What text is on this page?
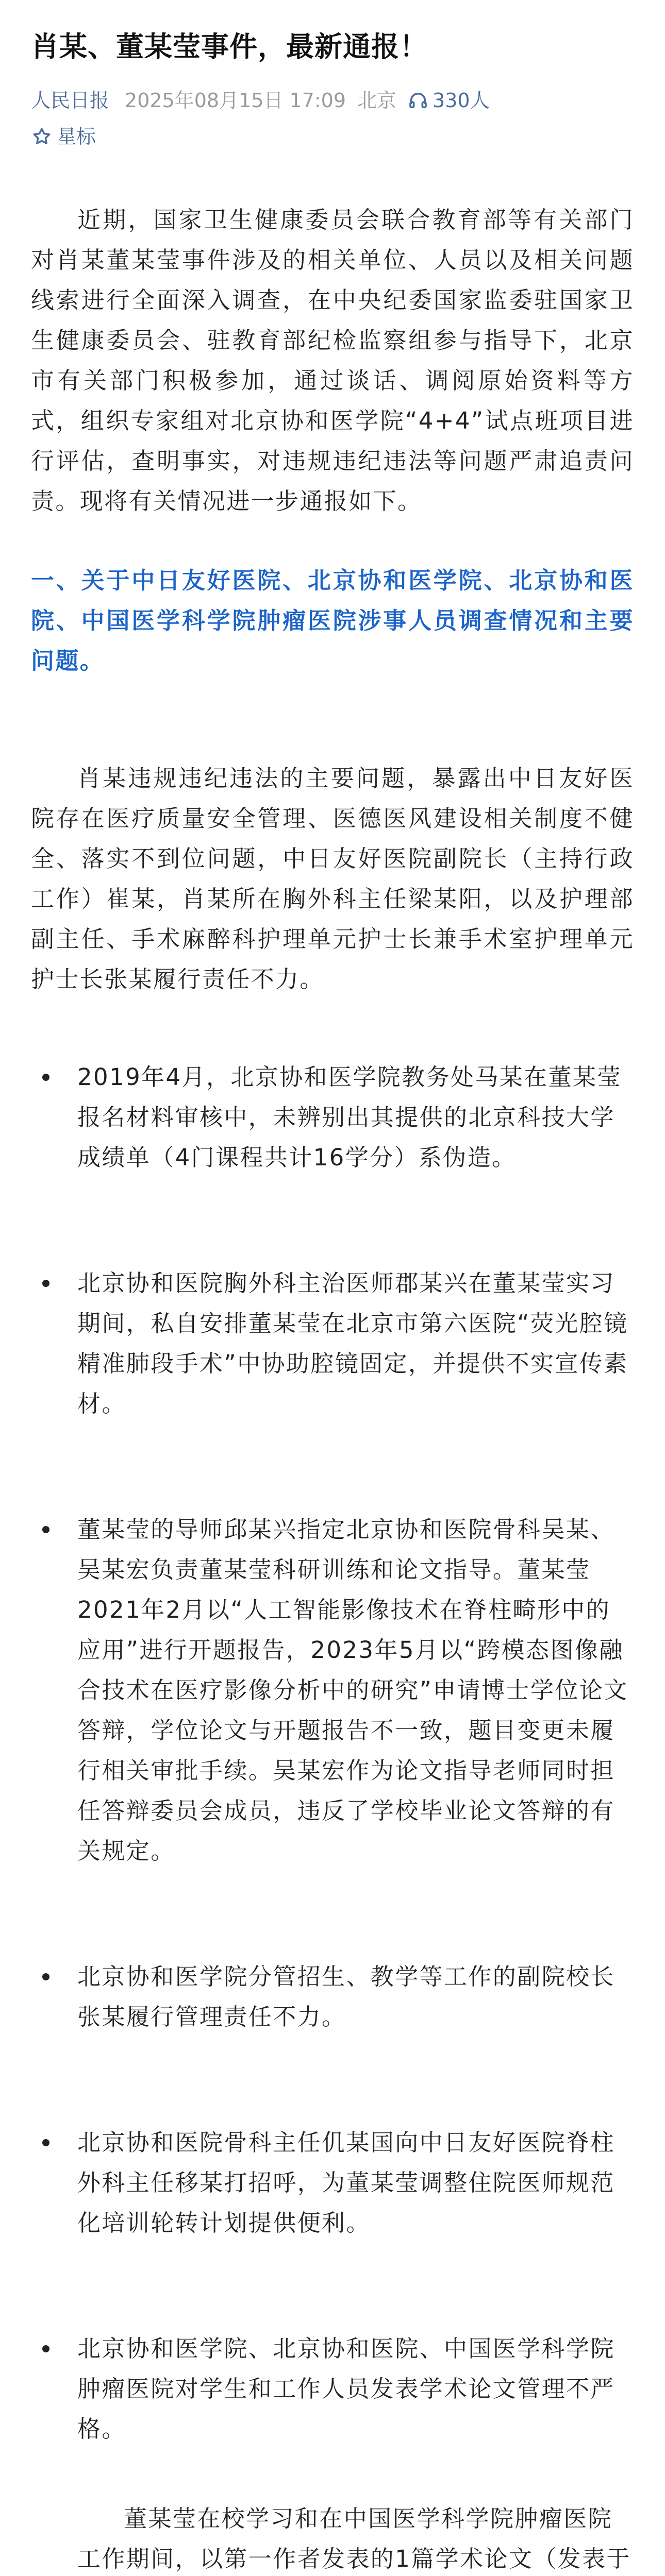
肖某、董某莹事件，最新通报！
人民日报 2025年08月15日 17:09 北京 330人
星标

近期，国家卫生健康委员会联合教育部等有关部门对肖某董某莹事件涉及的相关单位、人员以及相关问题线索进行全面深入调查，在中央纪委国家监委驻国家卫生健康委员会、驻教育部纪检监察组参与指导下，北京市有关部门积极参加，通过谈话、调阅原始资料等方式，组织专家组对北京协和医学院“4+4”试点班项目进行评估，查明事实，对违规违纪违法等问题严肃追责问责。现将有关情况进一步通报如下。

一、关于中日友好医院、北京协和医学院、北京协和医院、中国医学科学院肿瘤医院涉事人员调查情况和主要问题。

肖某违规违纪违法的主要问题，暴露出中日友好医院存在医疗质量安全管理、医德医风建设相关制度不健全、落实不到位问题，中日友好医院副院长（主持行政工作）崔某，肖某所在胸外科主任梁某阳，以及护理部副主任、手术麻醉科护理单元护士长兼手术室护理单元护士长张某履行责任不力。

2019年4月，北京协和医学院教务处马某在董某莹报名材料审核中，未辨别出其提供的北京科技大学成绩单（4门课程共计16学分）系伪造。
北京协和医院胸外科主治医师郡某兴在董某莹实习期间，私自安排董某莹在北京市第六医院“荧光腔镜精准肺段手术”中协助腔镜固定，并提供不实宣传素材。
董某莹的导师邱某兴指定北京协和医院骨科吴某、吴某宏负责董某莹科研训练和论文指导。董某莹2021年2月以“人工智能影像技术在脊柱畸形中的应用”进行开题报告，2023年5月以“跨模态图像融合技术在医疗影像分析中的研究”申请博士学位论文答辩，学位论文与开题报告不一致，题目变更未履行相关审批手续。吴某宏作为论文指导老师同时担任答辩委员会成员，违反了学校毕业论文答辩的有关规定。
北京协和医学院分管招生、教学等工作的副院校长张某履行管理责任不力。
北京协和医院骨科主任仉某国向中日友好医院脊柱外科主任移某打招呼，为董某莹调整住院医师规范化培训轮转计划提供便利。
北京协和医学院、北京协和医院、中国医学科学院肿瘤医院对学生和工作人员发表学术论文管理不严格。
董某莹在校学习和在中国医学科学院肿瘤医院工作期间，以第一作者发表的1篇学术论文（发表于
